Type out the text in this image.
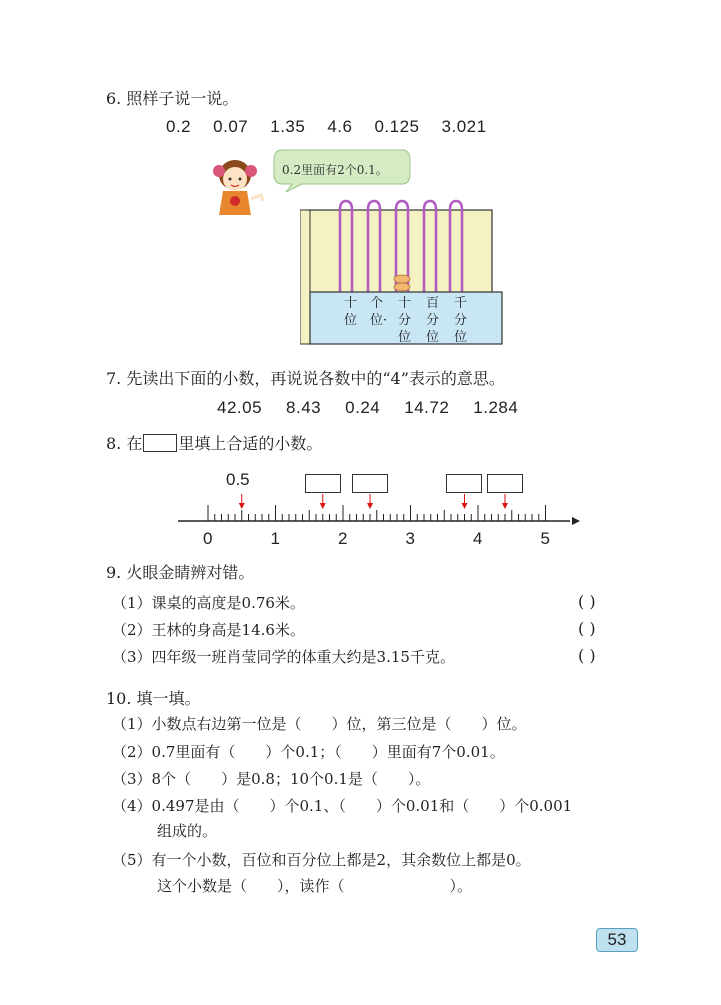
6. 照样子说一说。
0.2 0.07 1.35 4.6 0.125 3.021
0.2里面有2个0.1。
十
位
个
位·
十
分
位
百
分
位
千
分
位
7. 先读出下面的小数，再说说各数中的“4”表示的意思。
42.05 8.43 0.24 14.72 1.284
8. 在 里填上合适的小数。
0.5
0	1	2	3	4	5
9. 火眼金睛辨对错。
（1）课桌的高度是0.76米。	( )
（2）王林的身高是14.6米。	( )
（3）四年级一班肖莹同学的体重大约是3.15千克。	( )
10. 填一填。
（1）小数点右边第一位是（　　）位，第三位是（　　）位。
（2）0.7里面有（　　）个0.1；（　　）里面有7个0.01。
（3）8个（　　）是0.8；10个0.1是（　　）。
（4）0.497是由（　　）个0.1、（　　）个0.01和（　　）个0.001
　　　组成的。
（5）有一个小数，百位和百分位上都是2，其余数位上都是0。
　　　这个小数是（　　），读作（　　　　　　　）。
53
